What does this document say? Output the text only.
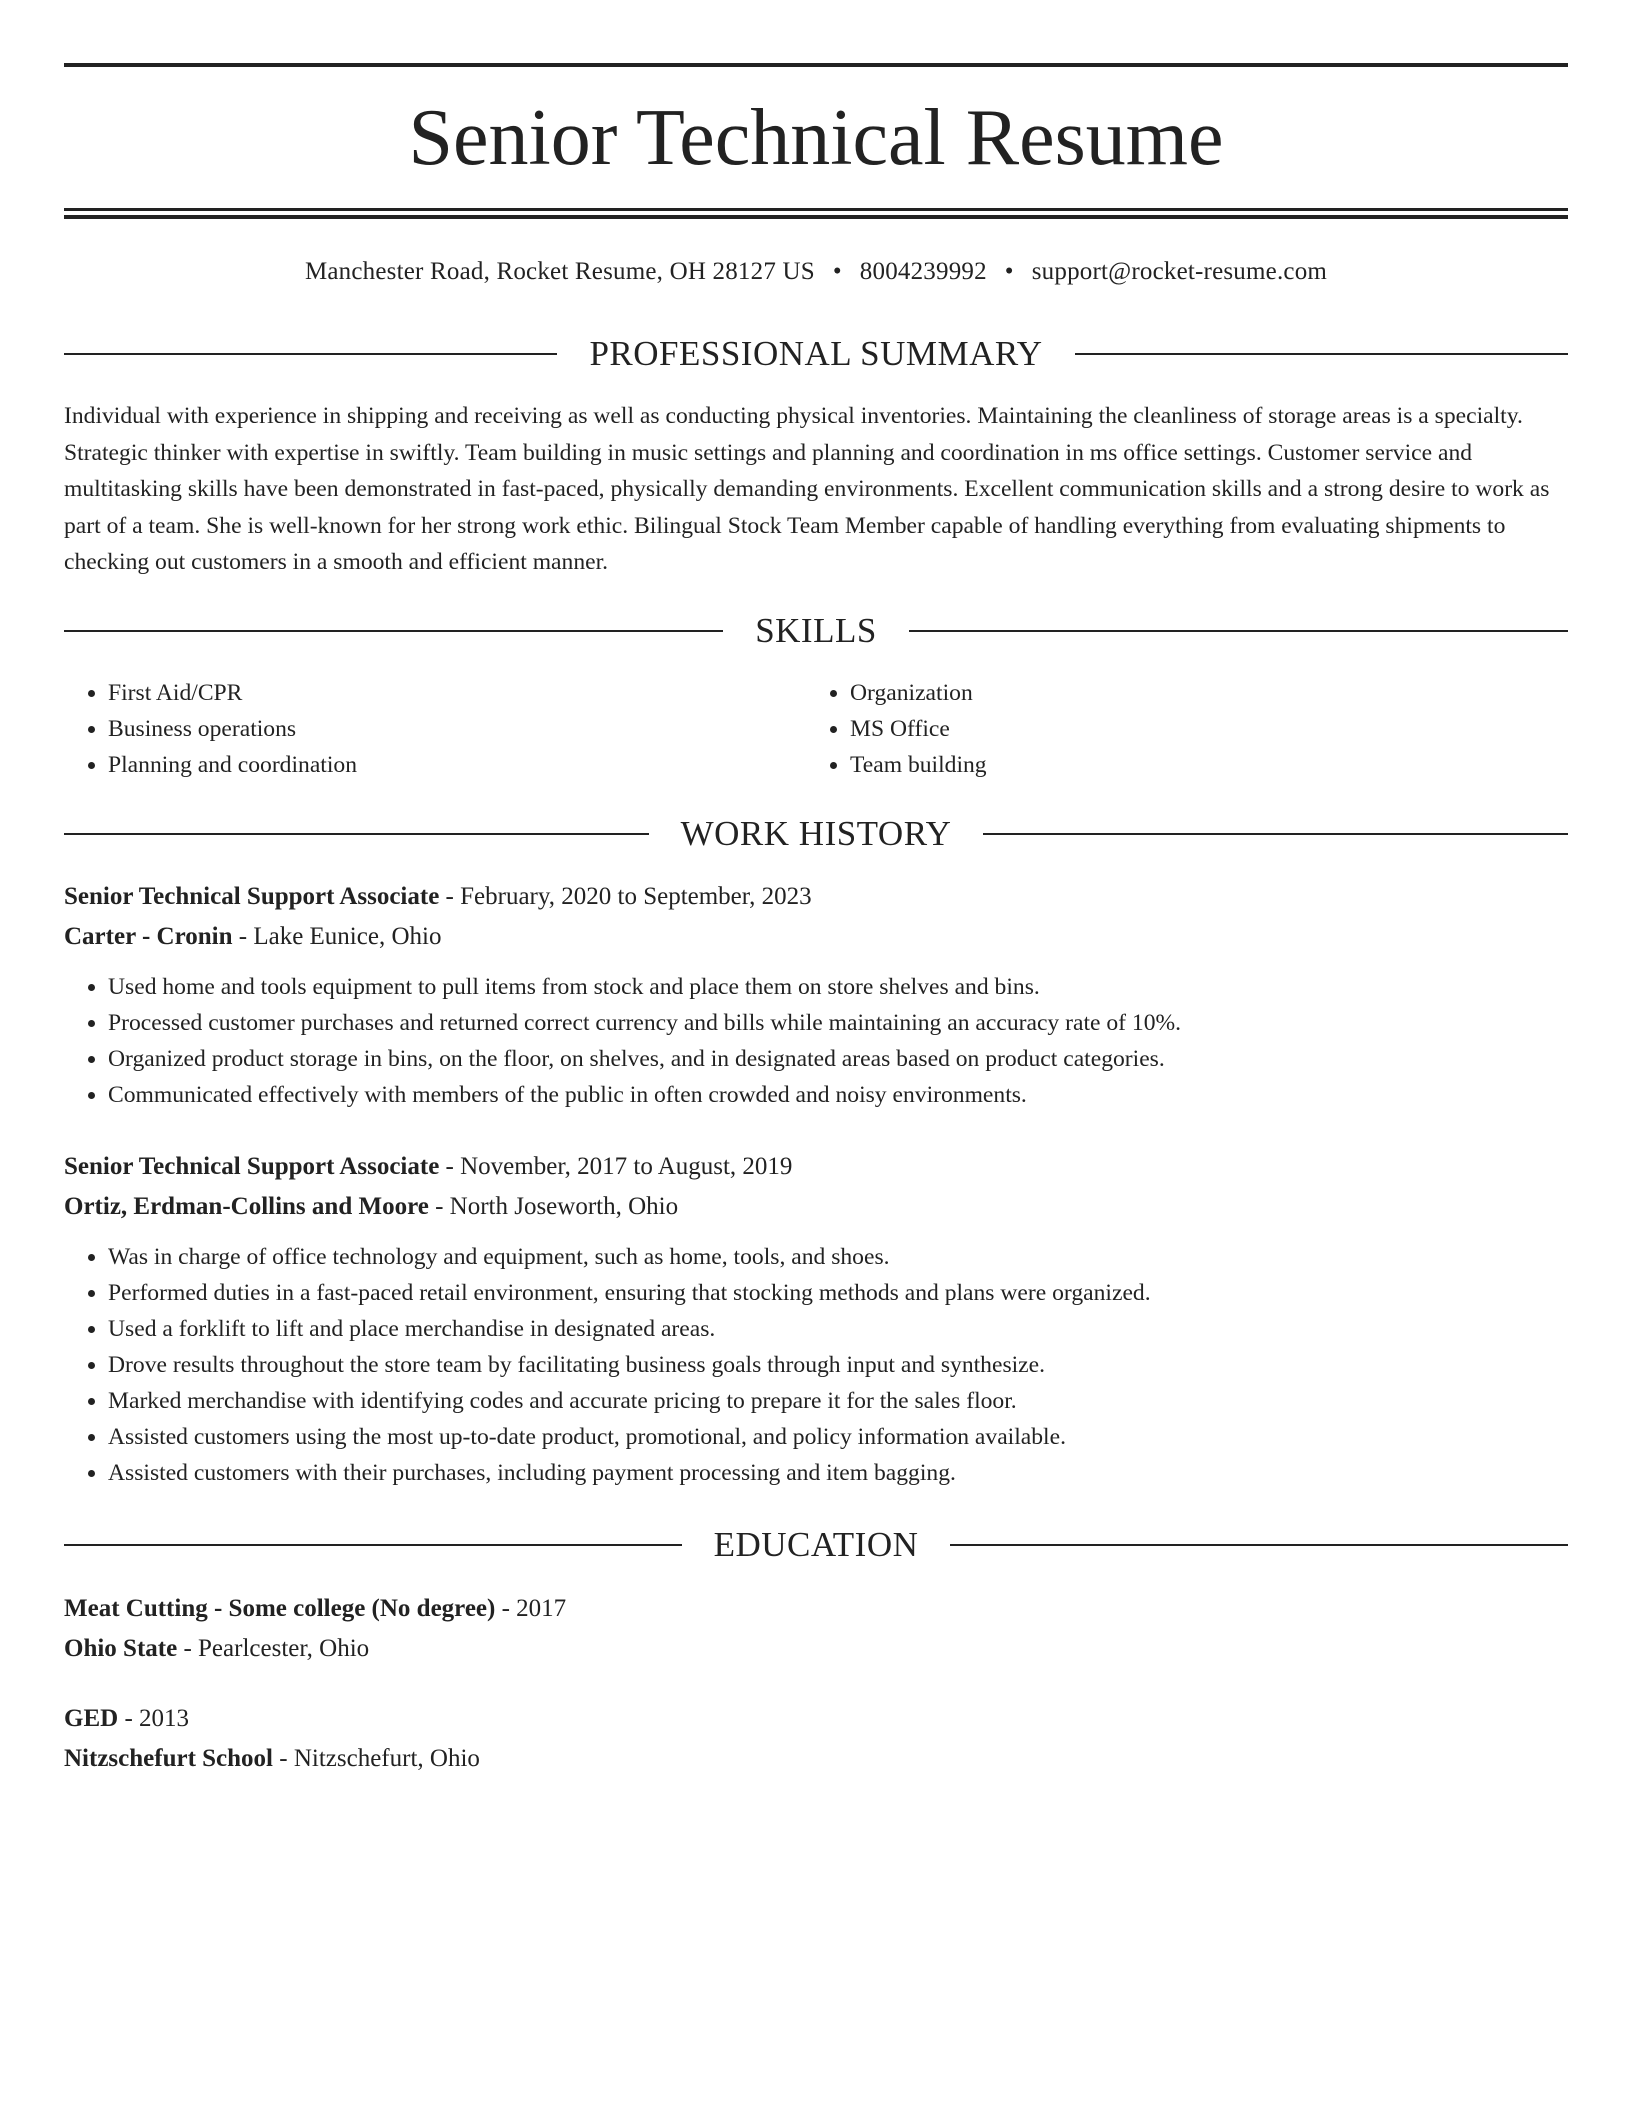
Senior Technical Resume
Manchester Road, Rocket Resume, OH 28127 US • 8004239992 • support@rocket-resume.com
PROFESSIONAL SUMMARY

Individual with experience in shipping and receiving as well as conducting physical inventories. Maintaining the cleanliness of storage areas is a specialty. Strategic thinker with expertise in swiftly. Team building in music settings and planning and coordination in ms office settings. Customer service and multitasking skills have been demonstrated in fast-paced, physically demanding environments. Excellent communication skills and a strong desire to work as part of a team. She is well-known for her strong work ethic. Bilingual Stock Team Member capable of handling everything from evaluating shipments to checking out customers in a smooth and efficient manner.

SKILLS
• First Aid/CPR
• Business operations
• Planning and coordination
• Organization
• MS Office
• Team building
WORK HISTORY
Senior Technical Support Associate - February, 2020 to September, 2023
Carter - Cronin - Lake Eunice, Ohio
• Used home and tools equipment to pull items from stock and place them on store shelves and bins.
• Processed customer purchases and returned correct currency and bills while maintaining an accuracy rate of 10%.
• Organized product storage in bins, on the floor, on shelves, and in designated areas based on product categories.
• Communicated effectively with members of the public in often crowded and noisy environments.
Senior Technical Support Associate - November, 2017 to August, 2019
Ortiz, Erdman-Collins and Moore - North Joseworth, Ohio
• Was in charge of office technology and equipment, such as home, tools, and shoes.
• Performed duties in a fast-paced retail environment, ensuring that stocking methods and plans were organized.
• Used a forklift to lift and place merchandise in designated areas.
• Drove results throughout the store team by facilitating business goals through input and synthesize.
• Marked merchandise with identifying codes and accurate pricing to prepare it for the sales floor.
• Assisted customers using the most up-to-date product, promotional, and policy information available.
• Assisted customers with their purchases, including payment processing and item bagging.
EDUCATION
Meat Cutting - Some college (No degree) - 2017
Ohio State - Pearlcester, Ohio
GED - 2013
Nitzschefurt School - Nitzschefurt, Ohio
